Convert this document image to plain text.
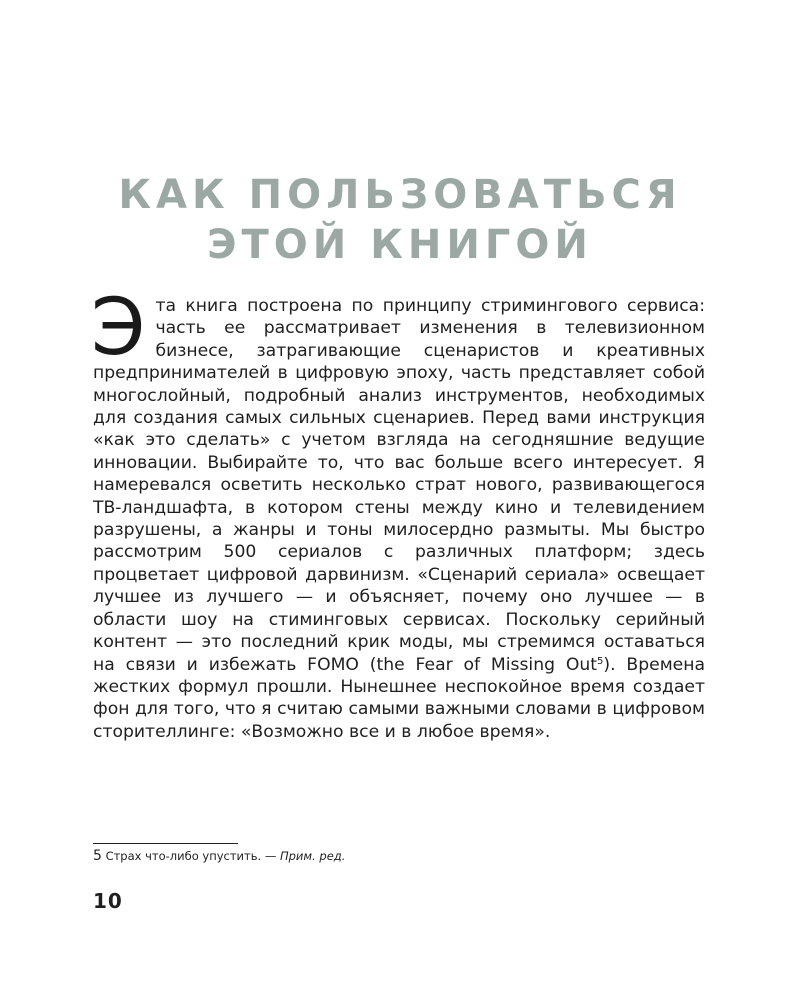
КАК ПОЛЬЗОВАТЬСЯ
ЭТОЙ КНИГОЙ
Эта книга построена по принципу стримингового сервиса: часть ее рассматривает изменения в телевизионном бизнесе, затрагивающие сценаристов и креативных предпринимателей в цифровую эпоху, часть представляет собой многослойный, подробный анализ инструментов, необходимых для создания самых сильных сценариев. Перед вами инструкция «как это сделать» с учетом взгляда на сегодняшние ведущие инновации. Выбирайте то, что вас больше всего интересует. Я намеревался осветить несколько страт нового, развивающегося ТВ-ландшафта, в котором стены между кино и телевидением разрушены, а жанры и тоны милосердно размыты. Мы быстро рассмотрим 500 сериалов с различных платформ; здесь процветает цифровой дарвинизм. «Сценарий сериала» освещает лучшее из лучшего — и объясняет, почему оно лучшее — в области шоу на стиминговых сервисах. Поскольку серийный контент — это последний крик моды, мы стремимся оставаться на связи и избежать FOMO (the Fear of Missing Out$^5$). Времена жестких формул прошли. Нынешнее неспокойное время создает фон для того, что я считаю самыми важными словами в цифровом сторителлинге: «Возможно все и в любое время».
5 Страх что-либо упустить. — Прим. ред.
10
